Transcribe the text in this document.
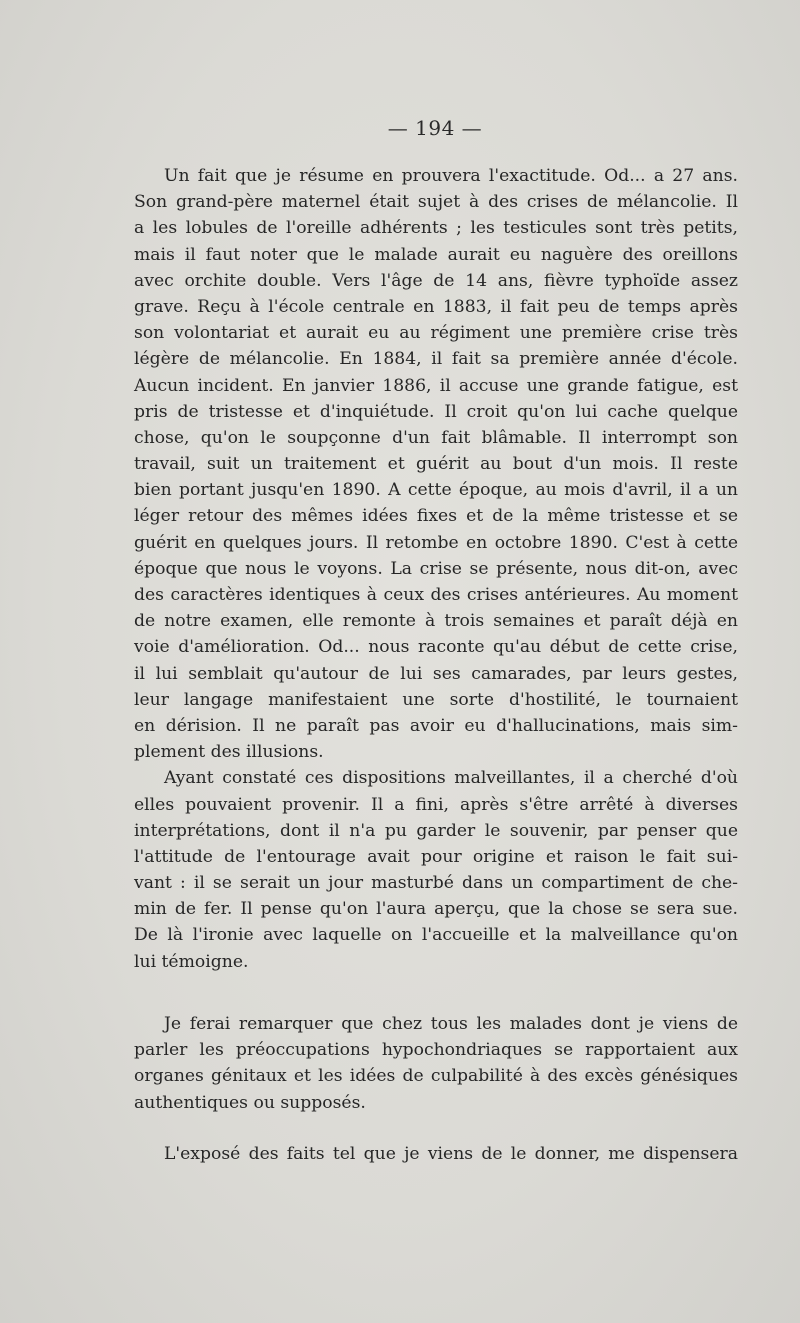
— 194 —
Un fait que je résume en prouvera l'exactitude. Od... a 27 ans.
Son grand-père maternel était sujet à des crises de mélancolie. Il
a les lobules de l'oreille adhérents ; les testicules sont très petits,
mais il faut noter que le malade aurait eu naguère des oreillons
avec orchite double. Vers l'âge de 14 ans, fièvre typhoïde assez
grave. Reçu à l'école centrale en 1883, il fait peu de temps après
son volontariat et aurait eu au régiment une première crise très
légère de mélancolie. En 1884, il fait sa première année d'école.
Aucun incident. En janvier 1886, il accuse une grande fatigue, est
pris de tristesse et d'inquiétude. Il croit qu'on lui cache quelque
chose, qu'on le soupçonne d'un fait blâmable. Il interrompt son
travail, suit un traitement et guérit au bout d'un mois. Il reste
bien portant jusqu'en 1890. A cette époque, au mois d'avril, il a un
léger retour des mêmes idées fixes et de la même tristesse et se
guérit en quelques jours. Il retombe en octobre 1890. C'est à cette
époque que nous le voyons. La crise se présente, nous dit-on, avec
des caractères identiques à ceux des crises antérieures. Au moment
de notre examen, elle remonte à trois semaines et paraît déjà en
voie d'amélioration. Od... nous raconte qu'au début de cette crise,
il lui semblait qu'autour de lui ses camarades, par leurs gestes,
leur langage manifestaient une sorte d'hostilité, le tournaient
en dérision. Il ne paraît pas avoir eu d'hallucinations, mais sim-
plement des illusions.
Ayant constaté ces dispositions malveillantes, il a cherché d'où
elles pouvaient provenir. Il a fini, après s'être arrêté à diverses
interprétations, dont il n'a pu garder le souvenir, par penser que
l'attitude de l'entourage avait pour origine et raison le fait sui-
vant : il se serait un jour masturbé dans un compartiment de che-
min de fer. Il pense qu'on l'aura aperçu, que la chose se sera sue.
De là l'ironie avec laquelle on l'accueille et la malveillance qu'on
lui témoigne.
Je ferai remarquer que chez tous les malades dont je viens de
parler les préoccupations hypochondriaques se rapportaient aux
organes génitaux et les idées de culpabilité à des excès génésiques
authentiques ou supposés.
L'exposé des faits tel que je viens de le donner, me dispensera
